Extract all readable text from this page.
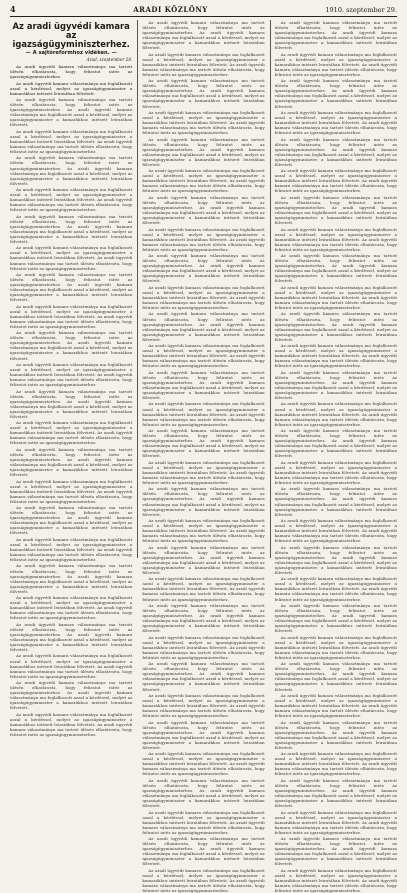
4	ARADI KÖZLÖNY	1910. szeptember 29.
Az aradi ügyvédi kamara az igazságügyminiszterhez.
— A sajtóreformhoz vidéken. —
Arad, szeptember 28.

Az aradi ügyvédi kamara választmánya ma tartott ülésén elhatározta, hogy feliratot intéz az igazságügyminiszterhez.

Az aradi ügyvédi kamara választmánya ma foglalkozott azzal a kérdéssel, melyet az igazságügyminiszter a kamarákhoz intézett leiratában fölvetett.

Az aradi ügyvédi kamara választmánya ma tartott ülésén elhatározta, hogy feliratot intéz az igazságügyminiszterhez. Az aradi ügyvédi kamara választmánya ma foglalkozott azzal a kérdéssel, melyet az igazságügyminiszter a kamarákhoz intézett leiratában fölvetett.

Az aradi ügyvédi kamara választmánya ma foglalkozott azzal a kérdéssel, melyet az igazságügyminiszter a kamarákhoz intézett leiratában fölvetett. Az aradi ügyvédi kamara választmánya ma tartott ülésén elhatározta, hogy feliratot intéz az igazságügyminiszterhez.

Az aradi ügyvédi kamara választmánya ma tartott ülésén elhatározta, hogy feliratot intéz az igazságügyminiszterhez. Az aradi ügyvédi kamara választmánya ma foglalkozott azzal a kérdéssel, melyet az igazságügyminiszter a kamarákhoz intézett leiratában fölvetett.

Az aradi ügyvédi kamara választmánya ma foglalkozott azzal a kérdéssel, melyet az igazságügyminiszter a kamarákhoz intézett leiratában fölvetett. Az aradi ügyvédi kamara választmánya ma tartott ülésén elhatározta, hogy feliratot intéz az igazságügyminiszterhez.

Az aradi ügyvédi kamara választmánya ma tartott ülésén elhatározta, hogy feliratot intéz az igazságügyminiszterhez. Az aradi ügyvédi kamara választmánya ma foglalkozott azzal a kérdéssel, melyet az igazságügyminiszter a kamarákhoz intézett leiratában fölvetett.

Az aradi ügyvédi kamara választmánya ma foglalkozott azzal a kérdéssel, melyet az igazságügyminiszter a kamarákhoz intézett leiratában fölvetett. Az aradi ügyvédi kamara választmánya ma tartott ülésén elhatározta, hogy feliratot intéz az igazságügyminiszterhez.

Az aradi ügyvédi kamara választmánya ma tartott ülésén elhatározta, hogy feliratot intéz az igazságügyminiszterhez. Az aradi ügyvédi kamara választmánya ma foglalkozott azzal a kérdéssel, melyet az igazságügyminiszter a kamarákhoz intézett leiratában fölvetett.

Az aradi ügyvédi kamara választmánya ma foglalkozott azzal a kérdéssel, melyet az igazságügyminiszter a kamarákhoz intézett leiratában fölvetett. Az aradi ügyvédi kamara választmánya ma tartott ülésén elhatározta, hogy feliratot intéz az igazságügyminiszterhez.

Az aradi ügyvédi kamara választmánya ma tartott ülésén elhatározta, hogy feliratot intéz az igazságügyminiszterhez. Az aradi ügyvédi kamara választmánya ma foglalkozott azzal a kérdéssel, melyet az igazságügyminiszter a kamarákhoz intézett leiratában fölvetett.

Az aradi ügyvédi kamara választmánya ma foglalkozott azzal a kérdéssel, melyet az igazságügyminiszter a kamarákhoz intézett leiratában fölvetett. Az aradi ügyvédi kamara választmánya ma tartott ülésén elhatározta, hogy feliratot intéz az igazságügyminiszterhez.

Az aradi ügyvédi kamara választmánya ma tartott ülésén elhatározta, hogy feliratot intéz az igazságügyminiszterhez. Az aradi ügyvédi kamara választmánya ma foglalkozott azzal a kérdéssel, melyet az igazságügyminiszter a kamarákhoz intézett leiratában fölvetett.

Az aradi ügyvédi kamara választmánya ma foglalkozott azzal a kérdéssel, melyet az igazságügyminiszter a kamarákhoz intézett leiratában fölvetett. Az aradi ügyvédi kamara választmánya ma tartott ülésén elhatározta, hogy feliratot intéz az igazságügyminiszterhez.

Az aradi ügyvédi kamara választmánya ma tartott ülésén elhatározta, hogy feliratot intéz az igazságügyminiszterhez. Az aradi ügyvédi kamara választmánya ma foglalkozott azzal a kérdéssel, melyet az igazságügyminiszter a kamarákhoz intézett leiratában fölvetett.

Az aradi ügyvédi kamara választmánya ma foglalkozott azzal a kérdéssel, melyet az igazságügyminiszter a kamarákhoz intézett leiratában fölvetett. Az aradi ügyvédi kamara választmánya ma tartott ülésén elhatározta, hogy feliratot intéz az igazságügyminiszterhez.

Az aradi ügyvédi kamara választmánya ma tartott ülésén elhatározta, hogy feliratot intéz az igazságügyminiszterhez. Az aradi ügyvédi kamara választmánya ma foglalkozott azzal a kérdéssel, melyet az igazságügyminiszter a kamarákhoz intézett leiratában fölvetett.

Az aradi ügyvédi kamara választmánya ma foglalkozott azzal a kérdéssel, melyet az igazságügyminiszter a kamarákhoz intézett leiratában fölvetett. Az aradi ügyvédi kamara választmánya ma tartott ülésén elhatározta, hogy feliratot intéz az igazságügyminiszterhez.

Az aradi ügyvédi kamara választmánya ma tartott ülésén elhatározta, hogy feliratot intéz az igazságügyminiszterhez. Az aradi ügyvédi kamara választmánya ma foglalkozott azzal a kérdéssel, melyet az igazságügyminiszter a kamarákhoz intézett leiratában fölvetett.

Az aradi ügyvédi kamara választmánya ma foglalkozott azzal a kérdéssel, melyet az igazságügyminiszter a kamarákhoz intézett leiratában fölvetett. Az aradi ügyvédi kamara választmánya ma tartott ülésén elhatározta, hogy feliratot intéz az igazságügyminiszterhez.

Az aradi ügyvédi kamara választmánya ma tartott ülésén elhatározta, hogy feliratot intéz az igazságügyminiszterhez. Az aradi ügyvédi kamara választmánya ma foglalkozott azzal a kérdéssel, melyet az igazságügyminiszter a kamarákhoz intézett leiratában fölvetett.

Az aradi ügyvédi kamara választmánya ma foglalkozott azzal a kérdéssel, melyet az igazságügyminiszter a kamarákhoz intézett leiratában fölvetett. Az aradi ügyvédi kamara választmánya ma tartott ülésén elhatározta, hogy feliratot intéz az igazságügyminiszterhez.

Az aradi ügyvédi kamara választmánya ma tartott ülésén elhatározta, hogy feliratot intéz az igazságügyminiszterhez. Az aradi ügyvédi kamara választmánya ma foglalkozott azzal a kérdéssel, melyet az igazságügyminiszter a kamarákhoz intézett leiratában fölvetett.

Az aradi ügyvédi kamara választmánya ma foglalkozott azzal a kérdéssel, melyet az igazságügyminiszter a kamarákhoz intézett leiratában fölvetett. Az aradi ügyvédi kamara választmánya ma tartott ülésén elhatározta, hogy feliratot intéz az igazságügyminiszterhez.

Az aradi ügyvédi kamara választmánya ma tartott ülésén elhatározta, hogy feliratot intéz az igazságügyminiszterhez. Az aradi ügyvédi kamara választmánya ma foglalkozott azzal a kérdéssel, melyet az igazságügyminiszter a kamarákhoz intézett leiratában fölvetett.

Az aradi ügyvédi kamara választmánya ma foglalkozott azzal a kérdéssel, melyet az igazságügyminiszter a kamarákhoz intézett leiratában fölvetett. Az aradi ügyvédi kamara választmánya ma tartott ülésén elhatározta, hogy feliratot intéz az igazságügyminiszterhez.

Az aradi ügyvédi kamara választmánya ma tartott ülésén elhatározta, hogy feliratot intéz az igazságügyminiszterhez. Az aradi ügyvédi kamara választmánya ma foglalkozott azzal a kérdéssel, melyet az igazságügyminiszter a kamarákhoz intézett leiratában fölvetett.

Az aradi ügyvédi kamara választmánya ma foglalkozott azzal a kérdéssel, melyet az igazságügyminiszter a kamarákhoz intézett leiratában fölvetett. Az aradi ügyvédi kamara választmánya ma tartott ülésén elhatározta, hogy feliratot intéz az igazságügyminiszterhez.

Az aradi ügyvédi kamara választmánya ma tartott ülésén elhatározta, hogy feliratot intéz az igazságügyminiszterhez. Az aradi ügyvédi kamara választmánya ma foglalkozott azzal a kérdéssel, melyet az igazságügyminiszter a kamarákhoz intézett leiratában fölvetett.

Az aradi ügyvédi kamara választmánya ma foglalkozott azzal a kérdéssel, melyet az igazságügyminiszter a kamarákhoz intézett leiratában fölvetett. Az aradi ügyvédi kamara választmánya ma tartott ülésén elhatározta, hogy feliratot intéz az igazságügyminiszterhez.

Az aradi ügyvédi kamara választmánya ma tartott ülésén elhatározta, hogy feliratot intéz az igazságügyminiszterhez. Az aradi ügyvédi kamara választmánya ma foglalkozott azzal a kérdéssel, melyet az igazságügyminiszter a kamarákhoz intézett leiratában fölvetett.

Az aradi ügyvédi kamara választmánya ma foglalkozott azzal a kérdéssel, melyet az igazságügyminiszter a kamarákhoz intézett leiratában fölvetett. Az aradi ügyvédi kamara választmánya ma tartott ülésén elhatározta, hogy feliratot intéz az igazságügyminiszterhez.

Az aradi ügyvédi kamara választmánya ma tartott ülésén elhatározta, hogy feliratot intéz az igazságügyminiszterhez. Az aradi ügyvédi kamara választmánya ma foglalkozott azzal a kérdéssel, melyet az igazságügyminiszter a kamarákhoz intézett leiratában fölvetett.

Az aradi ügyvédi kamara választmánya ma foglalkozott azzal a kérdéssel, melyet az igazságügyminiszter a kamarákhoz intézett leiratában fölvetett. Az aradi ügyvédi kamara választmánya ma tartott ülésén elhatározta, hogy feliratot intéz az igazságügyminiszterhez.

Az aradi ügyvédi kamara választmánya ma tartott ülésén elhatározta, hogy feliratot intéz az igazságügyminiszterhez. Az aradi ügyvédi kamara választmánya ma foglalkozott azzal a kérdéssel, melyet az igazságügyminiszter a kamarákhoz intézett leiratában fölvetett.

Az aradi ügyvédi kamara választmánya ma foglalkozott azzal a kérdéssel, melyet az igazságügyminiszter a kamarákhoz intézett leiratában fölvetett. Az aradi ügyvédi kamara választmánya ma tartott ülésén elhatározta, hogy feliratot intéz az igazságügyminiszterhez.

Az aradi ügyvédi kamara választmánya ma tartott ülésén elhatározta, hogy feliratot intéz az igazságügyminiszterhez. Az aradi ügyvédi kamara választmánya ma foglalkozott azzal a kérdéssel, melyet az igazságügyminiszter a kamarákhoz intézett leiratában fölvetett.

Az aradi ügyvédi kamara választmánya ma foglalkozott azzal a kérdéssel, melyet az igazságügyminiszter a kamarákhoz intézett leiratában fölvetett. Az aradi ügyvédi kamara választmánya ma tartott ülésén elhatározta, hogy feliratot intéz az igazságügyminiszterhez.

Az aradi ügyvédi kamara választmánya ma tartott ülésén elhatározta, hogy feliratot intéz az igazságügyminiszterhez. Az aradi ügyvédi kamara választmánya ma foglalkozott azzal a kérdéssel, melyet az igazságügyminiszter a kamarákhoz intézett leiratában fölvetett.

Az aradi ügyvédi kamara választmánya ma foglalkozott azzal a kérdéssel, melyet az igazságügyminiszter a kamarákhoz intézett leiratában fölvetett. Az aradi ügyvédi kamara választmánya ma tartott ülésén elhatározta, hogy feliratot intéz az igazságügyminiszterhez.

Az aradi ügyvédi kamara választmánya ma tartott ülésén elhatározta, hogy feliratot intéz az igazságügyminiszterhez. Az aradi ügyvédi kamara választmánya ma foglalkozott azzal a kérdéssel, melyet az igazságügyminiszter a kamarákhoz intézett leiratában fölvetett.

Az aradi ügyvédi kamara választmánya ma foglalkozott azzal a kérdéssel, melyet az igazságügyminiszter a kamarákhoz intézett leiratában fölvetett. Az aradi ügyvédi kamara választmánya ma tartott ülésén elhatározta, hogy feliratot intéz az igazságügyminiszterhez.

Az aradi ügyvédi kamara választmánya ma tartott ülésén elhatározta, hogy feliratot intéz az igazságügyminiszterhez. Az aradi ügyvédi kamara választmánya ma foglalkozott azzal a kérdéssel, melyet az igazságügyminiszter a kamarákhoz intézett leiratában fölvetett.

Az aradi ügyvédi kamara választmánya ma foglalkozott azzal a kérdéssel, melyet az igazságügyminiszter a kamarákhoz intézett leiratában fölvetett. Az aradi ügyvédi kamara választmánya ma tartott ülésén elhatározta, hogy feliratot intéz az igazságügyminiszterhez.

Az aradi ügyvédi kamara választmánya ma tartott ülésén elhatározta, hogy feliratot intéz az igazságügyminiszterhez. Az aradi ügyvédi kamara választmánya ma foglalkozott azzal a kérdéssel, melyet az igazságügyminiszter a kamarákhoz intézett leiratában fölvetett.

Az aradi ügyvédi kamara választmánya ma foglalkozott azzal a kérdéssel, melyet az igazságügyminiszter a kamarákhoz intézett leiratában fölvetett. Az aradi ügyvédi kamara választmánya ma tartott ülésén elhatározta, hogy feliratot intéz az igazságügyminiszterhez.

Az aradi ügyvédi kamara választmánya ma tartott ülésén elhatározta, hogy feliratot intéz az igazságügyminiszterhez. Az aradi ügyvédi kamara választmánya ma foglalkozott azzal a kérdéssel, melyet az igazságügyminiszter a kamarákhoz intézett leiratában fölvetett.

Az aradi ügyvédi kamara választmánya ma foglalkozott azzal a kérdéssel, melyet az igazságügyminiszter a kamarákhoz intézett leiratában fölvetett. Az aradi ügyvédi kamara választmánya ma tartott ülésén elhatározta, hogy feliratot intéz az igazságügyminiszterhez.

Az aradi ügyvédi kamara választmánya ma tartott ülésén elhatározta, hogy feliratot intéz az igazságügyminiszterhez. Az aradi ügyvédi kamara választmánya ma foglalkozott azzal a kérdéssel, melyet az igazságügyminiszter a kamarákhoz intézett leiratában fölvetett.

Az aradi ügyvédi kamara választmánya ma foglalkozott azzal a kérdéssel, melyet az igazságügyminiszter a kamarákhoz intézett leiratában fölvetett. Az aradi ügyvédi kamara választmánya ma tartott ülésén elhatározta, hogy feliratot intéz az igazságügyminiszterhez.

Az aradi ügyvédi kamara választmánya ma tartott ülésén elhatározta, hogy feliratot intéz az igazságügyminiszterhez. Az aradi ügyvédi kamara választmánya ma foglalkozott azzal a kérdéssel, melyet az igazságügyminiszter a kamarákhoz intézett leiratában fölvetett.

Az aradi ügyvédi kamara választmánya ma foglalkozott azzal a kérdéssel, melyet az igazságügyminiszter a kamarákhoz intézett leiratában fölvetett. Az aradi ügyvédi kamara választmánya ma tartott ülésén elhatározta, hogy feliratot intéz az igazságügyminiszterhez.

Az aradi ügyvédi kamara választmánya ma tartott ülésén elhatározta, hogy feliratot intéz az igazságügyminiszterhez. Az aradi ügyvédi kamara választmánya ma foglalkozott azzal a kérdéssel, melyet az igazságügyminiszter a kamarákhoz intézett leiratában fölvetett.

Az aradi ügyvédi kamara választmánya ma foglalkozott azzal a kérdéssel, melyet az igazságügyminiszter a kamarákhoz intézett leiratában fölvetett. Az aradi ügyvédi kamara választmánya ma tartott ülésén elhatározta, hogy feliratot intéz az igazságügyminiszterhez.

Az aradi ügyvédi kamara választmánya ma tartott ülésén elhatározta, hogy feliratot intéz az igazságügyminiszterhez. Az aradi ügyvédi kamara választmánya ma foglalkozott azzal a kérdéssel, melyet az igazságügyminiszter a kamarákhoz intézett leiratában fölvetett.

Az aradi ügyvédi kamara választmánya ma foglalkozott azzal a kérdéssel, melyet az igazságügyminiszter a kamarákhoz intézett leiratában fölvetett. Az aradi ügyvédi kamara választmánya ma tartott ülésén elhatározta, hogy feliratot intéz az igazságügyminiszterhez.

Az aradi ügyvédi kamara választmánya ma tartott ülésén elhatározta, hogy feliratot intéz az igazságügyminiszterhez. Az aradi ügyvédi kamara választmánya ma foglalkozott azzal a kérdéssel, melyet az igazságügyminiszter a kamarákhoz intézett leiratában fölvetett.

Az aradi ügyvédi kamara választmánya ma foglalkozott azzal a kérdéssel, melyet az igazságügyminiszter a kamarákhoz intézett leiratában fölvetett. Az aradi ügyvédi kamara választmánya ma tartott ülésén elhatározta, hogy feliratot intéz az igazságügyminiszterhez.

Az aradi ügyvédi kamara választmánya ma tartott ülésén elhatározta, hogy feliratot intéz az igazságügyminiszterhez. Az aradi ügyvédi kamara választmánya ma foglalkozott azzal a kérdéssel, melyet az igazságügyminiszter a kamarákhoz intézett leiratában fölvetett.

Az aradi ügyvédi kamara választmánya ma foglalkozott azzal a kérdéssel, melyet az igazságügyminiszter a kamarákhoz intézett leiratában fölvetett. Az aradi ügyvédi kamara választmánya ma tartott ülésén elhatározta, hogy feliratot intéz az igazságügyminiszterhez.

Az aradi ügyvédi kamara választmánya ma tartott ülésén elhatározta, hogy feliratot intéz az igazságügyminiszterhez. Az aradi ügyvédi kamara választmánya ma foglalkozott azzal a kérdéssel, melyet az igazságügyminiszter a kamarákhoz intézett leiratában fölvetett.

Az aradi ügyvédi kamara választmánya ma foglalkozott azzal a kérdéssel, melyet az igazságügyminiszter a kamarákhoz intézett leiratában fölvetett. Az aradi ügyvédi kamara választmánya ma tartott ülésén elhatározta, hogy feliratot intéz az igazságügyminiszterhez.

Az aradi ügyvédi kamara választmánya ma tartott ülésén elhatározta, hogy feliratot intéz az igazságügyminiszterhez. Az aradi ügyvédi kamara választmánya ma foglalkozott azzal a kérdéssel, melyet az igazságügyminiszter a kamarákhoz intézett leiratában fölvetett.

Az aradi ügyvédi kamara választmánya ma foglalkozott azzal a kérdéssel, melyet az igazságügyminiszter a kamarákhoz intézett leiratában fölvetett. Az aradi ügyvédi kamara választmánya ma tartott ülésén elhatározta, hogy feliratot intéz az igazságügyminiszterhez.

Az aradi ügyvédi kamara választmánya ma tartott ülésén elhatározta, hogy feliratot intéz az igazságügyminiszterhez. Az aradi ügyvédi kamara választmánya ma foglalkozott azzal a kérdéssel, melyet az igazságügyminiszter a kamarákhoz intézett leiratában fölvetett.

Az aradi ügyvédi kamara választmánya ma foglalkozott azzal a kérdéssel, melyet az igazságügyminiszter a kamarákhoz intézett leiratában fölvetett. Az aradi ügyvédi kamara választmánya ma tartott ülésén elhatározta, hogy feliratot intéz az igazságügyminiszterhez.

Az aradi ügyvédi kamara választmánya ma tartott ülésén elhatározta, hogy feliratot intéz az igazságügyminiszterhez. Az aradi ügyvédi kamara választmánya ma foglalkozott azzal a kérdéssel, melyet az igazságügyminiszter a kamarákhoz intézett leiratában fölvetett.

Az aradi ügyvédi kamara választmánya ma foglalkozott azzal a kérdéssel, melyet az igazságügyminiszter a kamarákhoz intézett leiratában fölvetett. Az aradi ügyvédi kamara választmánya ma tartott ülésén elhatározta, hogy feliratot intéz az igazságügyminiszterhez.

Az aradi ügyvédi kamara választmánya ma tartott ülésén elhatározta, hogy feliratot intéz az igazságügyminiszterhez. Az aradi ügyvédi kamara választmánya ma foglalkozott azzal a kérdéssel, melyet az igazságügyminiszter a kamarákhoz intézett leiratában fölvetett.

Az aradi ügyvédi kamara választmánya ma foglalkozott azzal a kérdéssel, melyet az igazságügyminiszter a kamarákhoz intézett leiratában fölvetett. Az aradi ügyvédi kamara választmánya ma tartott ülésén elhatározta, hogy feliratot intéz az igazságügyminiszterhez.

Az aradi ügyvédi kamara választmánya ma tartott ülésén elhatározta, hogy feliratot intéz az igazságügyminiszterhez. Az aradi ügyvédi kamara választmánya ma foglalkozott azzal a kérdéssel, melyet az igazságügyminiszter a kamarákhoz intézett leiratában fölvetett.

Az aradi ügyvédi kamara választmánya ma foglalkozott azzal a kérdéssel, melyet az igazságügyminiszter a kamarákhoz intézett leiratában fölvetett. Az aradi ügyvédi kamara választmánya ma tartott ülésén elhatározta, hogy feliratot intéz az igazságügyminiszterhez.

Az aradi ügyvédi kamara választmánya ma tartott ülésén elhatározta, hogy feliratot intéz az igazságügyminiszterhez. Az aradi ügyvédi kamara választmánya ma foglalkozott azzal a kérdéssel, melyet az igazságügyminiszter a kamarákhoz intézett leiratában fölvetett.

Az aradi ügyvédi kamara választmánya ma foglalkozott azzal a kérdéssel, melyet az igazságügyminiszter a kamarákhoz intézett leiratában fölvetett. Az aradi ügyvédi kamara választmánya ma tartott ülésén elhatározta, hogy feliratot intéz az igazságügyminiszterhez.

Az aradi ügyvédi kamara választmánya ma tartott ülésén elhatározta, hogy feliratot intéz az igazságügyminiszterhez. Az aradi ügyvédi kamara választmánya ma foglalkozott azzal a kérdéssel, melyet az igazságügyminiszter a kamarákhoz intézett leiratában fölvetett.

Az aradi ügyvédi kamara választmánya ma foglalkozott azzal a kérdéssel, melyet az igazságügyminiszter a kamarákhoz intézett leiratában fölvetett. Az aradi ügyvédi kamara választmánya ma tartott ülésén elhatározta, hogy feliratot intéz az igazságügyminiszterhez.

Az aradi ügyvédi kamara választmánya ma tartott ülésén elhatározta, hogy feliratot intéz az igazságügyminiszterhez. Az aradi ügyvédi kamara választmánya ma foglalkozott azzal a kérdéssel, melyet az igazságügyminiszter a kamarákhoz intézett leiratában fölvetett.

Az aradi ügyvédi kamara választmánya ma foglalkozott azzal a kérdéssel, melyet az igazságügyminiszter a kamarákhoz intézett leiratában fölvetett. Az aradi ügyvédi kamara választmánya ma tartott ülésén elhatározta, hogy feliratot intéz az igazságügyminiszterhez.

Az aradi ügyvédi kamara választmánya ma tartott ülésén elhatározta, hogy feliratot intéz az igazságügyminiszterhez. Az aradi ügyvédi kamara választmánya ma foglalkozott azzal a kérdéssel, melyet az igazságügyminiszter a kamarákhoz intézett leiratában fölvetett.

Az aradi ügyvédi kamara választmánya ma foglalkozott azzal a kérdéssel, melyet az igazságügyminiszter a kamarákhoz intézett leiratában fölvetett. Az aradi ügyvédi kamara választmánya ma tartott ülésén elhatározta, hogy feliratot intéz az igazságügyminiszterhez.

Az aradi ügyvédi kamara választmánya ma tartott ülésén elhatározta, hogy feliratot intéz az igazságügyminiszterhez. Az aradi ügyvédi kamara választmánya ma foglalkozott azzal a kérdéssel, melyet az igazságügyminiszter a kamarákhoz intézett leiratában fölvetett.

Az aradi ügyvédi kamara választmánya ma foglalkozott azzal a kérdéssel, melyet az igazságügyminiszter a kamarákhoz intézett leiratában fölvetett. Az aradi ügyvédi kamara választmánya ma tartott ülésén elhatározta, hogy feliratot intéz az igazságügyminiszterhez.

Az aradi ügyvédi kamara választmánya ma tartott ülésén elhatározta, hogy feliratot intéz az igazságügyminiszterhez. Az aradi ügyvédi kamara választmánya ma foglalkozott azzal a kérdéssel, melyet az igazságügyminiszter a kamarákhoz intézett leiratában fölvetett.

Az aradi ügyvédi kamara választmánya ma foglalkozott azzal a kérdéssel, melyet az igazságügyminiszter a kamarákhoz intézett leiratában fölvetett. Az aradi ügyvédi kamara választmánya ma tartott ülésén elhatározta, hogy feliratot intéz az igazságügyminiszterhez.
